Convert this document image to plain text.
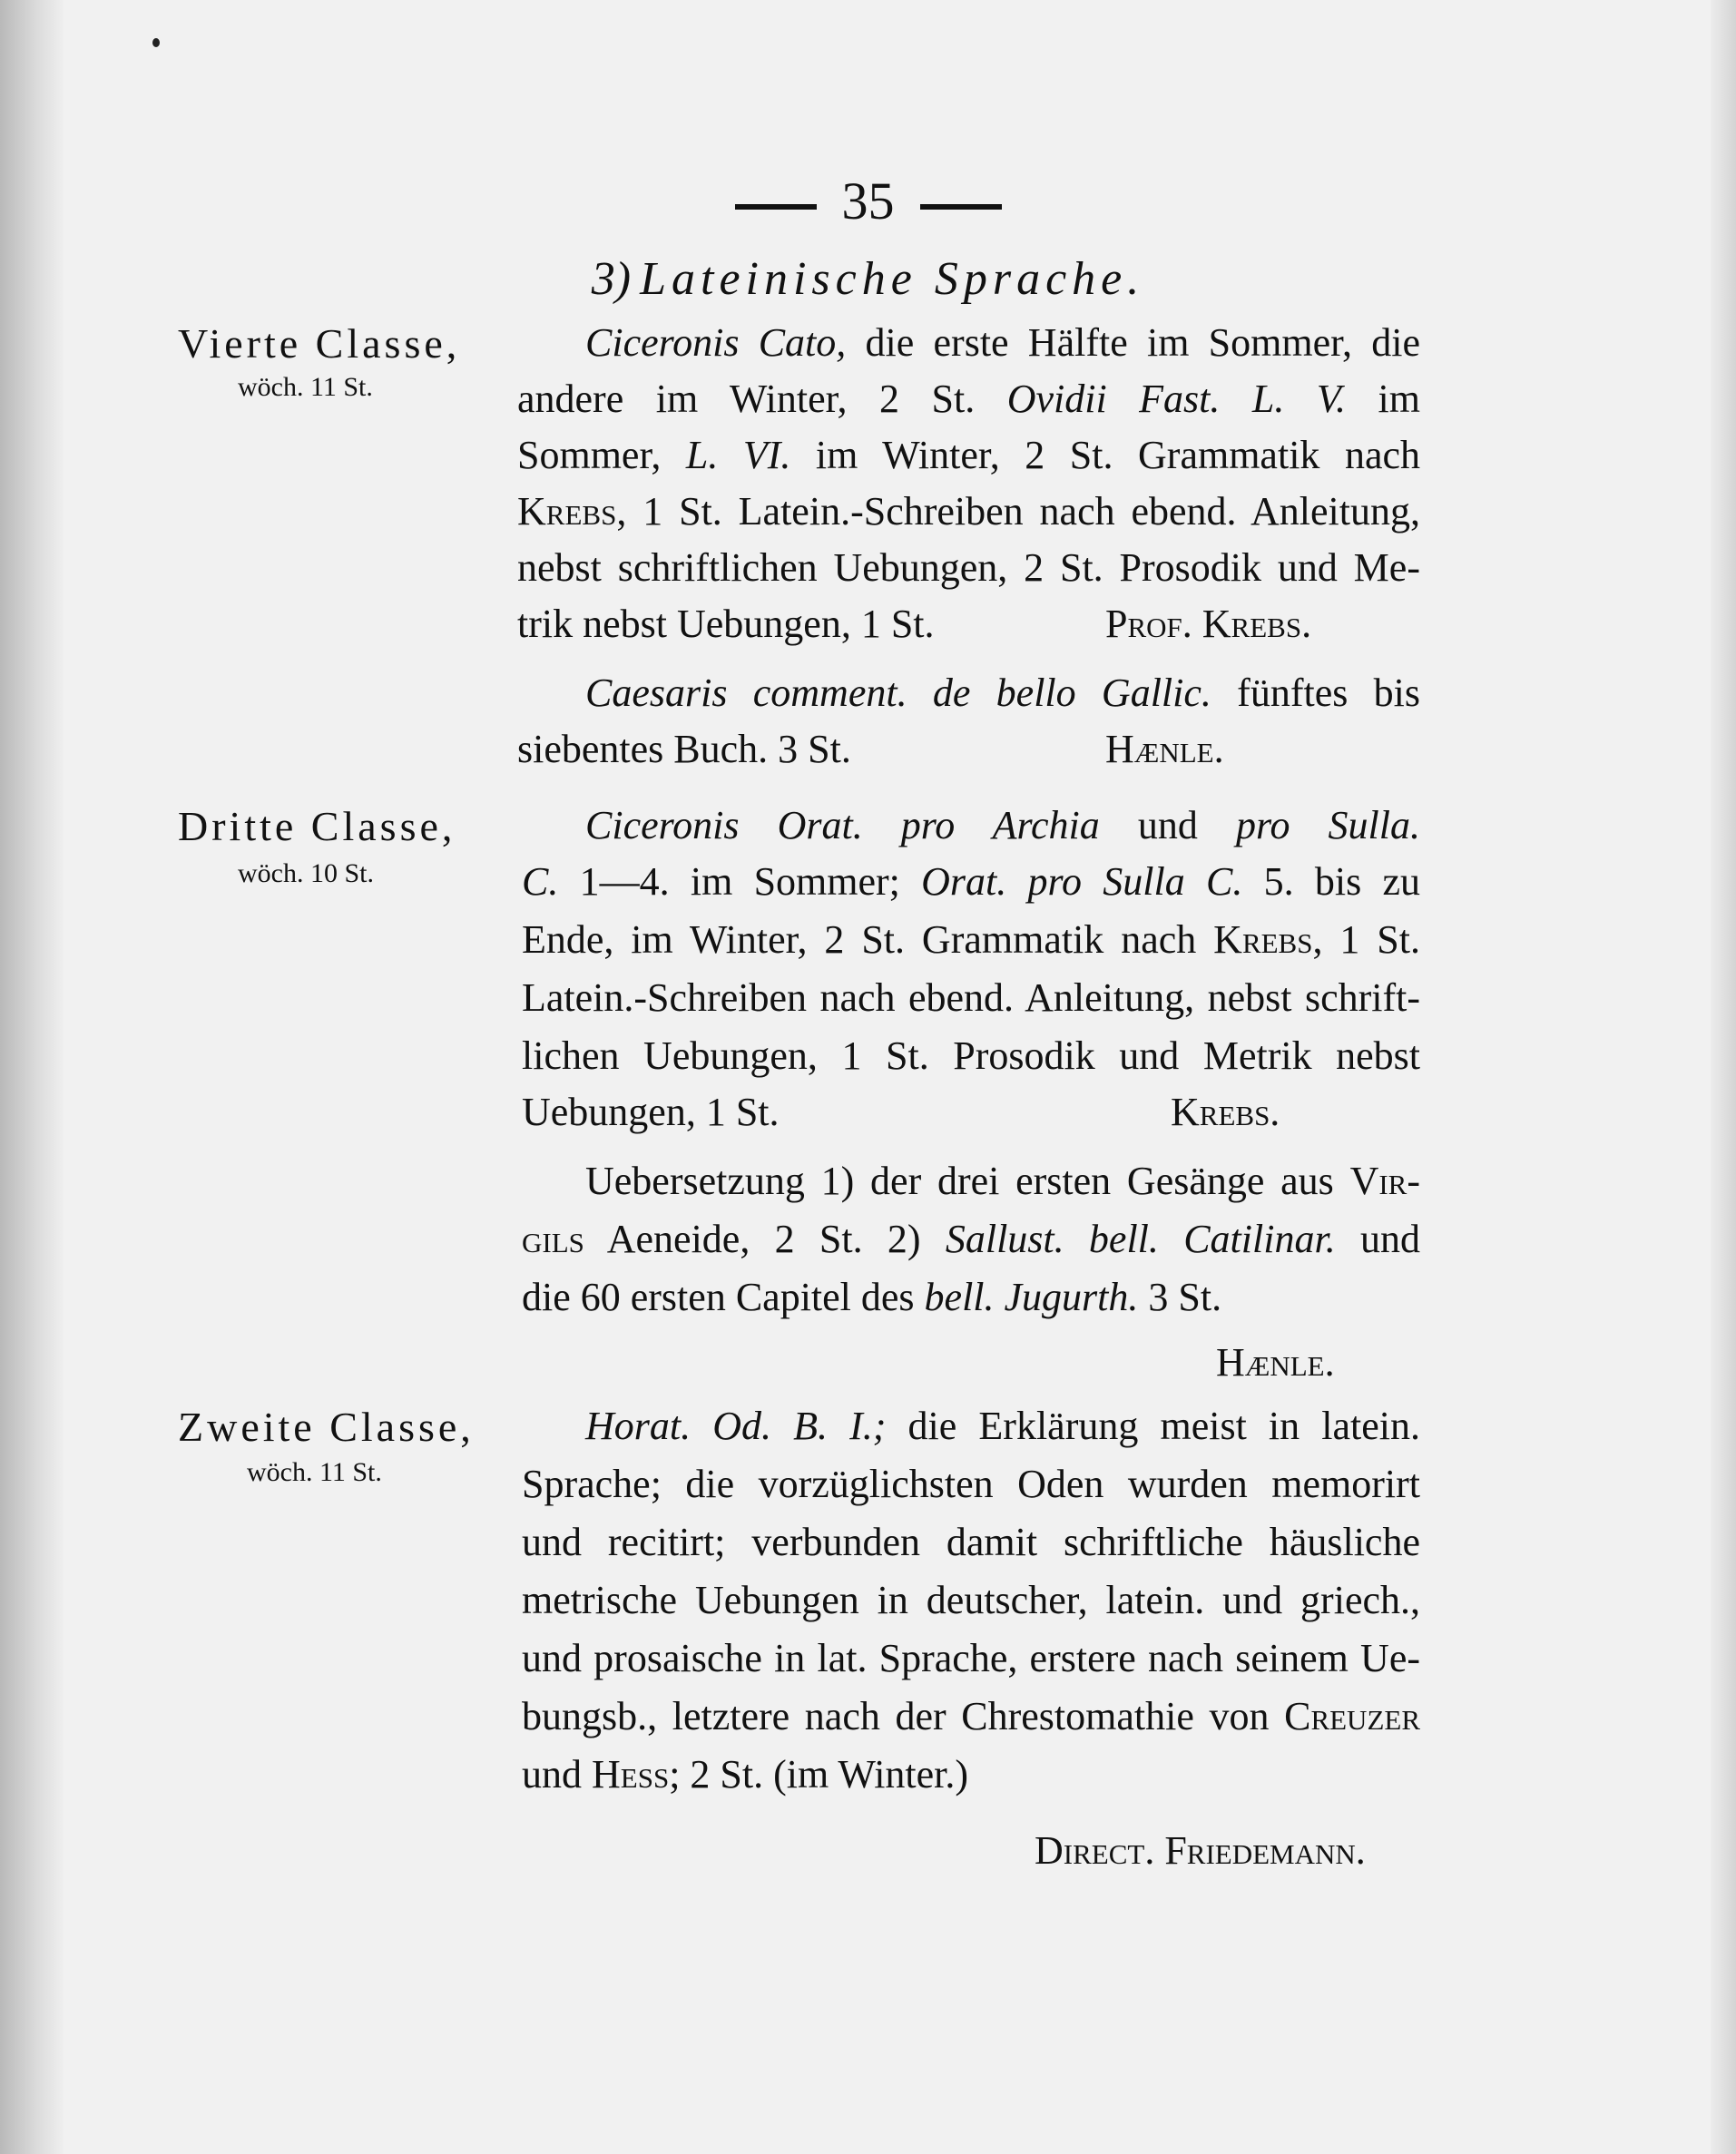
35
3) Lateinische Sprache.
Vierte Classe,
wöch. 11 St.
Ciceronis Cato, die erste Hälfte im Sommer, die
andere im Winter, 2 St. Ovidii Fast. L. V. im
Sommer, L. VI. im Winter, 2 St. Grammatik nach
Krebs, 1 St. Latein.-Schreiben nach ebend. Anleitung,
nebst schriftlichen Uebungen, 2 St. Prosodik und Me-
trik nebst Uebungen, 1 St.	Prof. Krebs.
Caesaris comment. de bello Gallic. fünftes bis
siebentes Buch. 3 St.	Hænle.
Dritte Classe,
wöch. 10 St.
Ciceronis Orat. pro Archia und pro Sulla.
C. 1—4. im Sommer; Orat. pro Sulla C. 5. bis zu
Ende, im Winter, 2 St. Grammatik nach Krebs, 1 St.
Latein.-Schreiben nach ebend. Anleitung, nebst schrift-
lichen Uebungen, 1 St. Prosodik und Metrik nebst
Uebungen, 1 St.	Krebs.
Uebersetzung 1) der drei ersten Gesänge aus Vir-
gils Aeneide, 2 St. 2) Sallust. bell. Catilinar. und
die 60 ersten Capitel des bell. Jugurth. 3 St.
Hænle.
Zweite Classe,
wöch. 11 St.
Horat. Od. B. I.; die Erklärung meist in latein.
Sprache; die vorzüglichsten Oden wurden memorirt
und recitirt; verbunden damit schriftliche häusliche
metrische Uebungen in deutscher, latein. und griech.,
und prosaische in lat. Sprache, erstere nach seinem Ue-
bungsb., letztere nach der Chrestomathie von Creuzer
und Hess; 2 St. (im Winter.)
Direct. Friedemann.
